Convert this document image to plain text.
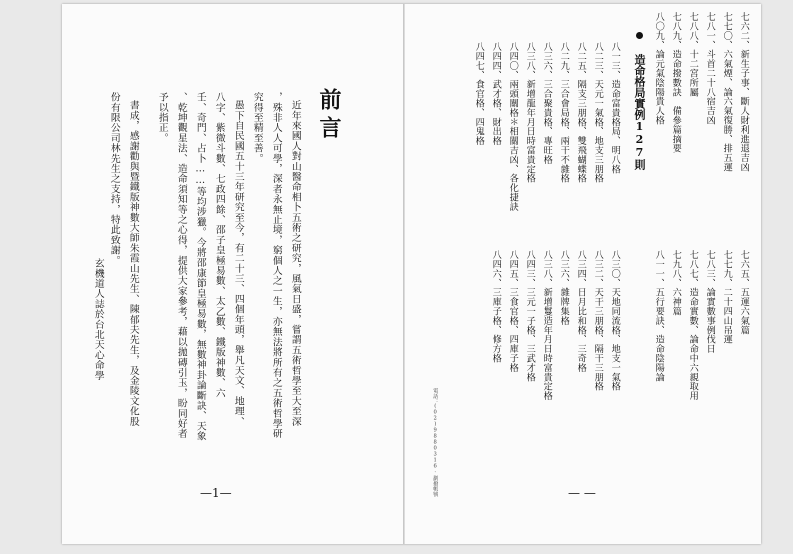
前言
近年來國人對山醫命相卜五術之研究，風氣日盛，嘗謂五術哲學至大至深
，殊非人人可學，深者永無止境，窮個人之一生，亦無法將所有之五術哲學研
究得至精至善。
愚下自民國五十三年研究至今，有二十三、四個年頭，舉凡天文、地理、
八字、紫微斗數、七政四餘、邵子皇極易數、太乙數、鐵版神數、六
壬、奇門、占卜……等均涉獵。今將邵康節皇極易數，無數神卦論斷訣、天象
、乾坤觀星法、造命須知等之心得，提供大家參考，藉以拋磚引玉，盼同好者
予以指正。
書成，感謝勸與暨鐵版神數大師朱霞山先生、陳郁夫先生，及金陵文化股
份有限公司林先生之支持，特此致謝。
玄機道人誌於台北天心命學
—1—
七六二、新生子事、斷人財利進退吉凶
七七〇、六氣煙、論六氣復勝、排五運
七八一、斗首二十八宿吉凶
七八八、十二宮所屬
七八九、造命撥數訣　備參篇摘要
八〇九、論元氣陰陽貴人格
七六五、五運六氣篇
七七九、二十四山吊運
七八三、論實數事例伐日
七八七、造命實數、論命中六親取用
七九八、六神篇
八一一、五行要訣、造命陰陽論
造命格局實例127則
八一三、造命富貴格局、明八格
八二三、天元一氣格、地支三朋格
八二五、隔支三朋格、雙飛蝴蝶格
八二九、三合會局格、兩干不雜格
八三六、三合聚貴格、專旺格
八三八、新增龍年月日時富貴定格
八四〇、兩頭關格＊相關吉凶、各化捷訣
八四四、武才格、財出格
八四七、食官格、四鬼格
八三〇、天地同流格、地支一氣格
八三二、天干三朋格、隔干三朋格
八三四、日月比和格、三奇格
八三六、雜牌集格
八三八、新增鬘造年月日時富貴定格
八四三、三元一子格、三武才格
八四五、三食官格、四庫子格
八四六、三庫子格、修方格
電話：(02)9880316·劃撥帳號	— —
